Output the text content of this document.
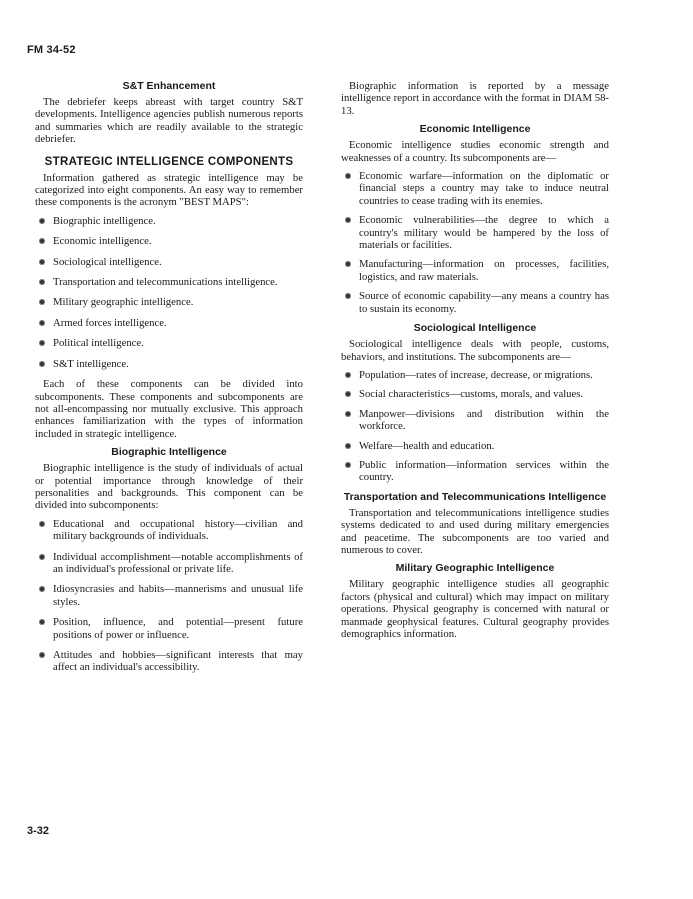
FM 34-52
S&T Enhancement

The debriefer keeps abreast with target country S&T developments. Intelligence agencies publish numerous reports and summaries which are readily available to the strategic debriefer.

STRATEGIC INTELLIGENCE COMPONENTS

Information gathered as strategic intelligence may be categorized into eight components. An easy way to remember these components is the acronym "BEST MAPS":

Biographic intelligence.
Economic intelligence.
Sociological intelligence.
Transportation and telecommunications intelligence.
Military geographic intelligence.
Armed forces intelligence.
Political intelligence.
S&T intelligence.

Each of these components can be divided into subcomponents. These components and subcomponents are not all-encompassing nor mutually exclusive. This approach enhances familiarization with the types of information included in strategic intelligence.

Biographic Intelligence

Biographic intelligence is the study of individuals of actual or potential importance through knowledge of their personalities and backgrounds. This component can be divided into subcomponents:

Educational and occupational history—civilian and military backgrounds of individuals.
Individual accomplishment—notable accomplishments of an individual's professional or private life.
Idiosyncrasies and habits—mannerisms and unusual life styles.
Position, influence, and potential—present future positions of power or influence.
Attitudes and hobbies—significant interests that may affect an individual's accessibility.

Biographic information is reported by a message intelligence report in accordance with the format in DIAM 58-13.

Economic Intelligence

Economic intelligence studies economic strength and weaknesses of a country. Its subcomponents are—

Economic warfare—information on the diplomatic or financial steps a country may take to induce neutral countries to cease trading with its enemies.
Economic vulnerabilities—the degree to which a country's military would be hampered by the loss of materials or facilities.
Manufacturing—information on processes, facilities, logistics, and raw materials.
Source of economic capability—any means a country has to sustain its economy.
Sociological Intelligence

Sociological intelligence deals with people, customs, behaviors, and institutions. The subcomponents are—

Population—rates of increase, decrease, or migrations.
Social characteristics—customs, morals, and values.
Manpower—divisions and distribution within the workforce.
Welfare—health and education.
Public information—information services within the country.
Transportation and Telecommunications Intelligence

Transportation and telecommunications intelligence studies systems dedicated to and used during military emergencies and peacetime. The subcomponents are too varied and numerous to cover.

Military Geographic Intelligence

Military geographic intelligence studies all geographic factors (physical and cultural) which may impact on military operations. Physical geography is concerned with natural or manmade geophysical features. Cultural geography provides demographics information.

3-32
